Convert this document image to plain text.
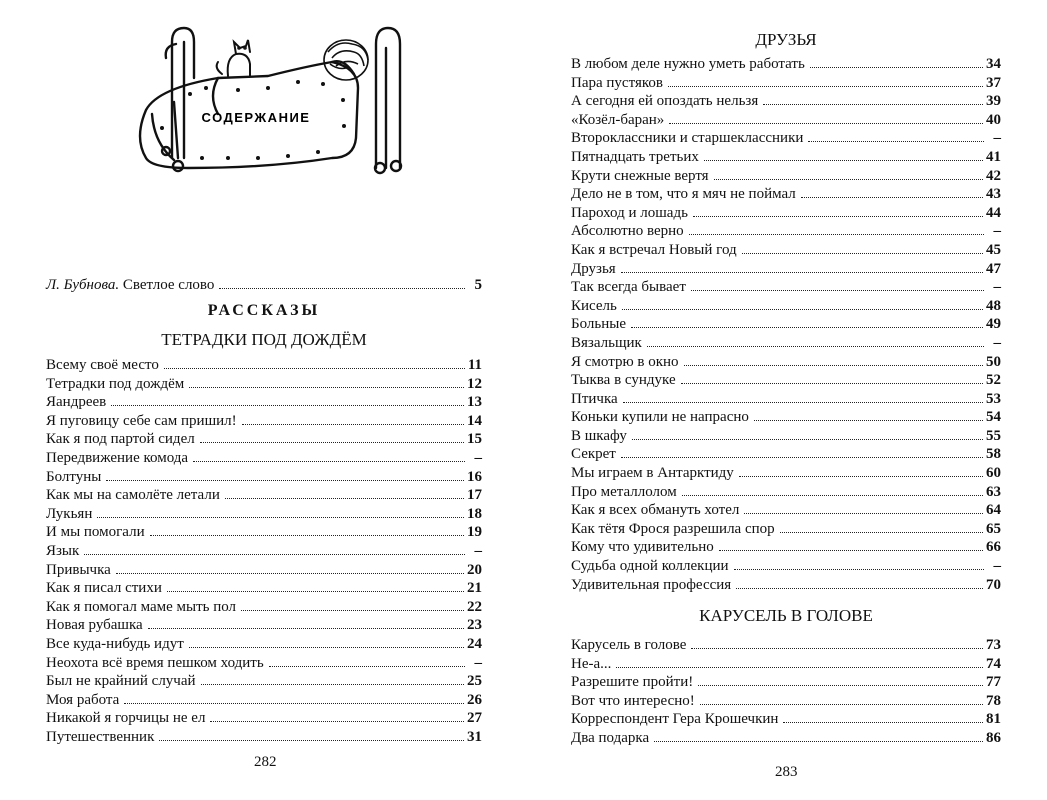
СОДЕРЖАНИЕ
Л. Бубнова. Светлое слово	5
РАССКАЗЫ
ТЕТРАДКИ ПОД ДОЖДЁМ
Всему своё место	11
Тетрадки под дождём	12
Яандреев	13
Я пуговицу себе сам пришил!	14
Как я под партой сидел	15
Передвижение комода	–
Болтуны	16
Как мы на самолёте летали	17
Лукьян	18
И мы помогали	19
Язык	–
Привычка	20
Как я писал стихи	21
Как я помогал маме мыть пол	22
Новая рубашка	23
Все куда-нибудь идут	24
Неохота всё время пешком ходить	–
Был не крайний случай	25
Моя работа	26
Никакой я горчицы не ел	27
Путешественник	31
282
ДРУЗЬЯ
В любом деле нужно уметь работать	34
Пара пустяков	37
А сегодня ей опоздать нельзя	39
«Козёл-баран»	40
Второклассники и старшеклассники	–
Пятнадцать третьих	41
Крути снежные вертя	42
Дело не в том, что я мяч не поймал	43
Пароход и лошадь	44
Абсолютно верно	–
Как я встречал Новый год	45
Друзья	47
Так всегда бывает	–
Кисель	48
Больные	49
Вязальщик	–
Я смотрю в окно	50
Тыква в сундуке	52
Птичка	53
Коньки купили не напрасно	54
В шкафу	55
Секрет	58
Мы играем в Антарктиду	60
Про металлолом	63
Как я всех обмануть хотел	64
Как тётя Фрося разрешила спор	65
Кому что удивительно	66
Судьба одной коллекции	–
Удивительная профессия	70
КАРУСЕЛЬ В ГОЛОВЕ
Карусель в голове	73
Не-а...	74
Разрешите пройти!	77
Вот что интересно!	78
Корреспондент Гера Крошечкин	81
Два подарка	86
283
